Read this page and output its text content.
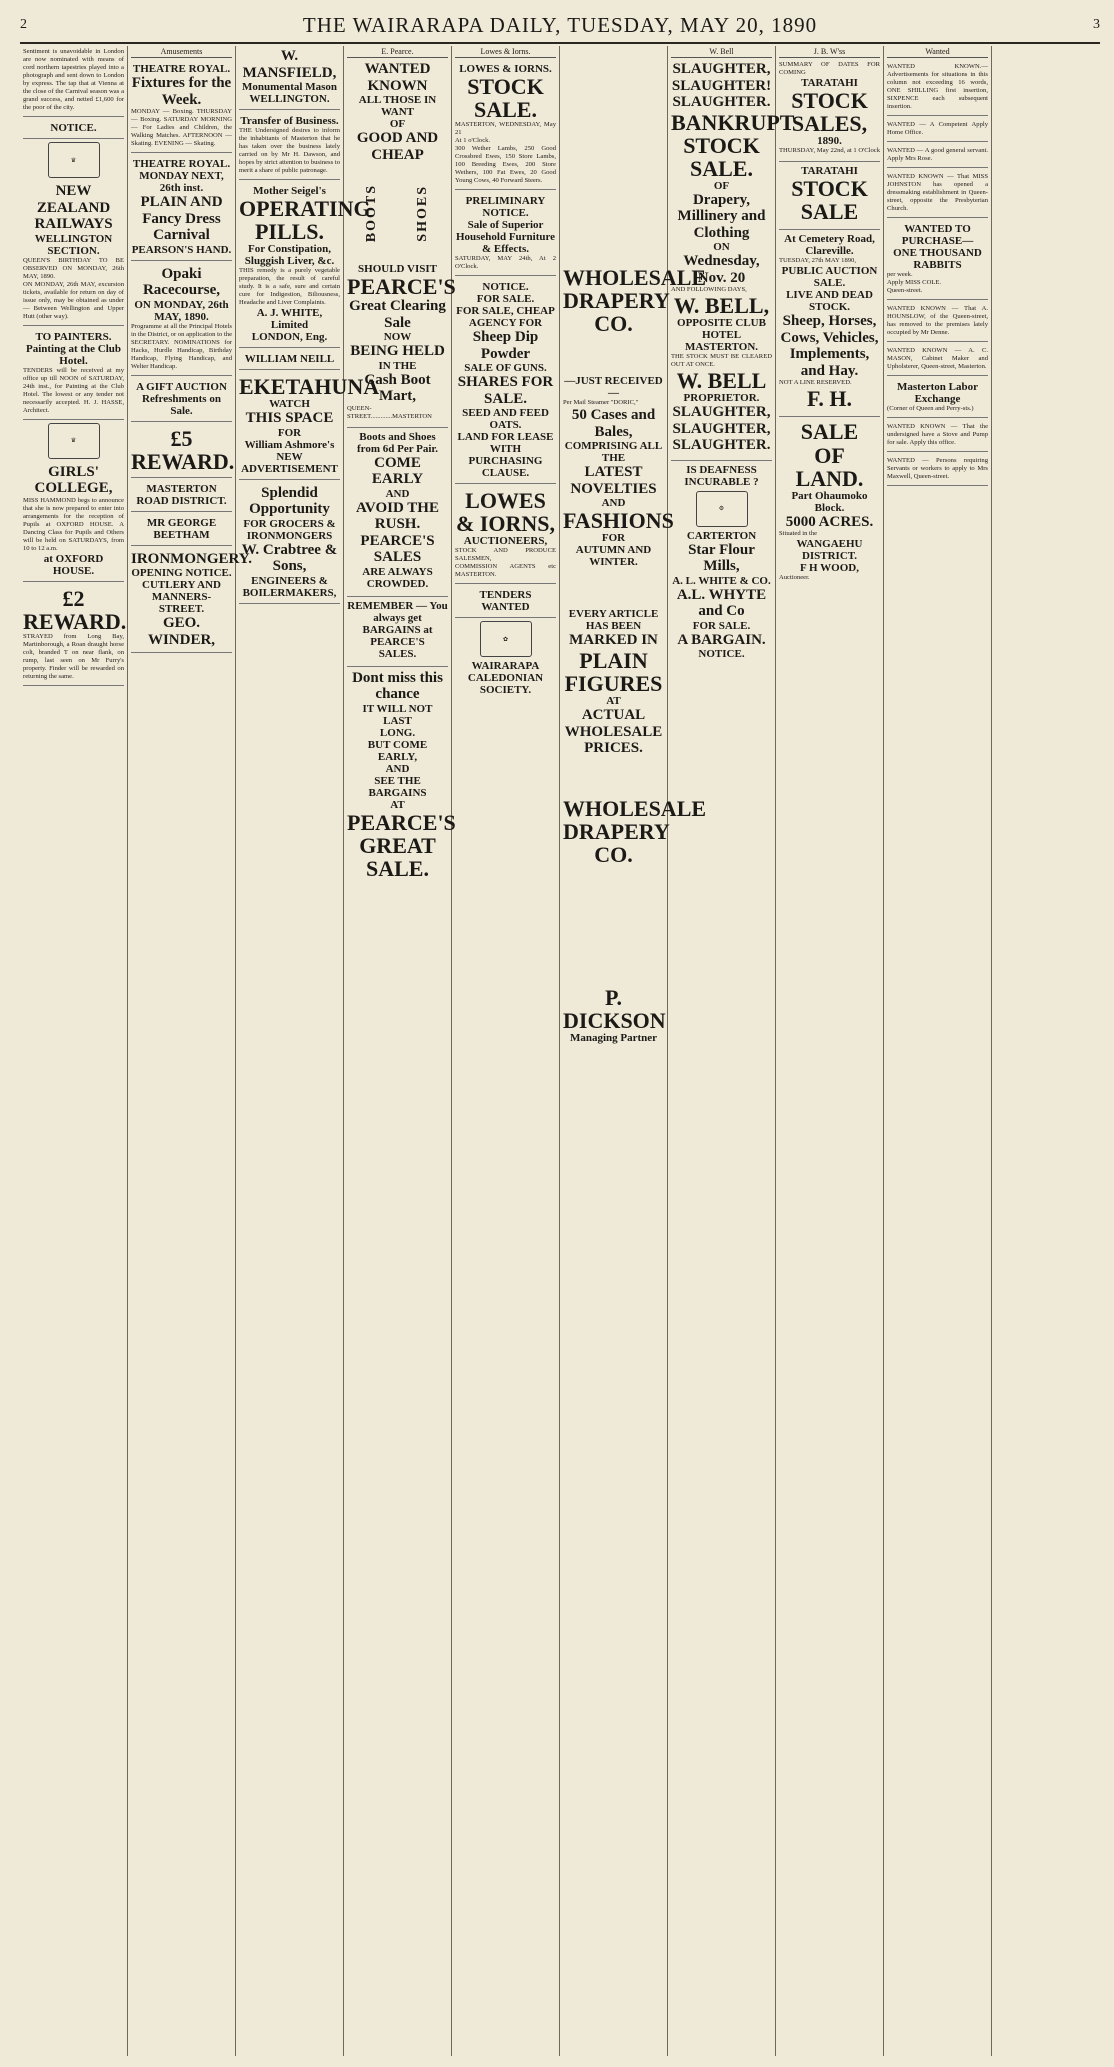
2	THE WAIRARAPA DAILY, TUESDAY, MAY 20, 1890	3
Sentiment is unavoidable in London are now nominated with means of cord northern tapestries played into a photograph and sent down to London by express. The tap that at Vienna at the close of the Carnival season was a grand success, and netted £1,600 for the poor of the city.
NOTICE.
♛
NEW ZEALAND RAILWAYS
WELLINGTON SECTION.
QUEEN'S BIRTHDAY TO BE OBSERVED ON MONDAY, 26th MAY, 1890.
ON MONDAY, 26th MAY, excursion tickets, available for return on day of issue only, may be obtained as under — Between Wellington and Upper Hutt (other way).
TO PAINTERS.
Painting at the Club Hotel.
TENDERS will be received at my office up till NOON of SATURDAY, 24th inst., for Painting at the Club Hotel. The lowest or any tender not necessarily accepted. H. J. HASSE, Architect.
♛
GIRLS' COLLEGE,
MISS HAMMOND begs to announce that she is now prepared to enter into arrangements for the reception of Pupils at OXFORD HOUSE. A Dancing Class for Pupils and Others will be held on SATURDAYS, from 10 to 12 a.m.
at OXFORD HOUSE.
£2 REWARD.
STRAYED from Long Bay, Martinborough, a Roan draught horse colt, branded T on near flank, on rump, last seen on Mr Furry's property. Finder will be rewarded on returning the same.
Amusements
THEATRE ROYAL.
Fixtures for the Week.
MONDAY — Boxing. THURSDAY — Boxing. SATURDAY MORNING — For Ladies and Children, the Walking Matches. AFTERNOON — Skating. EVENING — Skating.
THEATRE ROYAL.
MONDAY NEXT, 26th inst.
PLAIN AND Fancy Dress Carnival
PEARSON'S HAND.
Opaki Racecourse,
ON MONDAY, 26th MAY, 1890.
Programme at all the Principal Hotels in the District, or on application to the SECRETARY. NOMINATIONS for Hacks, Hurdle Handicap, Birthday Handicap, Flying Handicap, and Welter Handicap.
A GIFT AUCTION
Refreshments on Sale.
£5 REWARD.
MASTERTON ROAD DISTRICT.
MR GEORGE BEETHAM
IRONMONGERY.
OPENING NOTICE.
CUTLERY AND MANNERS-STREET.
GEO. WINDER,
W. MANSFIELD,
Monumental Mason
WELLINGTON.
Transfer of Business.
THE Undersigned desires to inform the inhabitants of Masterton that he has taken over the business lately carried on by Mr H. Dawson, and hopes by strict attention to business to merit a share of public patronage.
Mother Seigel's
OPERATING
PILLS.
For Constipation, Sluggish Liver, &c.
THIS remedy is a purely vegetable preparation, the result of careful study. It is a safe, sure and certain cure for Indigestion, Biliousness, Headache and Liver Complaints.
A. J. WHITE, Limited
LONDON, Eng.
WILLIAM NEILL
EKETAHUNA
WATCH
THIS SPACE
FOR
William Ashmore's
NEW ADVERTISEMENT
Splendid Opportunity
FOR GROCERS & IRONMONGERS
W. Crabtree & Sons,
ENGINEERS & BOILERMAKERS,
E. Pearce.
WANTED KNOWN
ALL THOSE IN WANT
OF
GOOD AND CHEAP
BOOTS	SHOES
SHOULD VISIT
PEARCE'S
Great Clearing Sale
NOW
BEING HELD
IN THE
Cash Boot Mart,
QUEEN-STREET.............MASTERTON
Boots and Shoes from 6d Per Pair.
COME EARLY
AND
AVOID THE RUSH.
PEARCE'S SALES
ARE ALWAYS CROWDED.
REMEMBER — You always get
BARGAINS at PEARCE'S
SALES.
Dont miss this chance
IT WILL NOT LAST
LONG.
BUT COME EARLY,
AND
SEE THE BARGAINS
AT
PEARCE'S
GREAT SALE.
Lowes & Iorns.
LOWES & IORNS.
STOCK SALE.
MASTERTON, WEDNESDAY, May 21
At 1 o'Clock.
300 Wether Lambs, 250 Good Crossbred Ewes, 150 Store Lambs, 100 Breeding Ewes, 200 Store Wethers, 100 Fat Ewes, 20 Good Young Cows, 40 Forward Steers.
PRELIMINARY NOTICE.
Sale of Superior Household Furniture & Effects.
SATURDAY, MAY 24th, At 2 O'Clock.
NOTICE.
FOR SALE.
FOR SALE, CHEAP
AGENCY FOR
Sheep Dip Powder
SALE OF GUNS.
SHARES FOR SALE.
SEED AND FEED OATS.
LAND FOR LEASE
WITH PURCHASING CLAUSE.
LOWES & IORNS,
AUCTIONEERS,
STOCK AND PRODUCE SALESMEN,
COMMISSION AGENTS etc MASTERTON.
TENDERS WANTED
✿
WAIRARAPA CALEDONIAN SOCIETY.
WHOLESALE
DRAPERY
CO.
—JUST RECEIVED—
Per Mail Steamer "DORIC,"
50 Cases and Bales,
COMPRISING ALL THE
LATEST NOVELTIES
AND
FASHIONS
FOR
AUTUMN AND WINTER.
EVERY ARTICLE HAS BEEN
MARKED IN
PLAIN FIGURES
AT
ACTUAL
WHOLESALE PRICES.
WHOLESALE
DRAPERY
CO.
P. DICKSON
Managing Partner
W. Bell
SLAUGHTER,
SLAUGHTER!
SLAUGHTER.
BANKRUPT STOCK SALE.
OF
Drapery, Millinery and Clothing
ON
Wednesday, Nov. 20
AND FOLLOWING DAYS,
W. BELL,
OPPOSITE CLUB HOTEL
MASTERTON.
THE STOCK MUST BE CLEARED OUT AT ONCE.
W. BELL
PROPRIETOR.
SLAUGHTER,
SLAUGHTER,
SLAUGHTER.
IS DEAFNESS INCURABLE ?
⚙
CARTERTON
Star Flour Mills,
A. L. WHITE & CO.
A.L. WHYTE and Co
FOR SALE.
A BARGAIN.
NOTICE.
J. B. W'ss
SUMMARY OF DATES FOR COMING
TARATAHI
STOCK SALES,
1890.
THURSDAY, May 22nd, at 1 O'Clock
TARATAHI
STOCK SALE
At Cemetery Road, Clareville.
TUESDAY, 27th MAY 1890,
PUBLIC AUCTION SALE.
LIVE AND DEAD STOCK.
Sheep, Horses, Cows, Vehicles, Implements, and Hay.
NOT A LINE RESERVED.
F. H.
SALE
OF LAND.
Part Ohaumoko Block.
5000 ACRES.
Situated in the
WANGAEHU DISTRICT.
F H WOOD,
Auctioneer.
Wanted
WANTED KNOWN.—Advertisements for situations in this column not exceeding 16 words, ONE SHILLING first insertion, SIXPENCE each subsequent insertion.
WANTED — A Competent Apply Home Office.
WANTED — A good general servant. Apply Mrs Rose.
WANTED KNOWN — That MISS JOHNSTON has opened a dressmaking establishment in Queen-street, opposite the Presbyterian Church.
WANTED TO PURCHASE—
ONE THOUSAND RABBITS
per week.
Apply MISS COLE.
Queen-street.
WANTED KNOWN — That A. HOUNSLOW, of the Queen-street, has removed to the premises lately occupied by Mr Denne.
WANTED KNOWN — A. C. MASON, Cabinet Maker and Upholsterer, Queen-street, Masterton.
Masterton Labor Exchange
(Corner of Queen and Perry-sts.)
WANTED KNOWN — That the undersigned have a Stove and Pump for sale. Apply this office.
WANTED — Persons requiring Servants or workers to apply to Mrs Maxwell, Queen-street.
